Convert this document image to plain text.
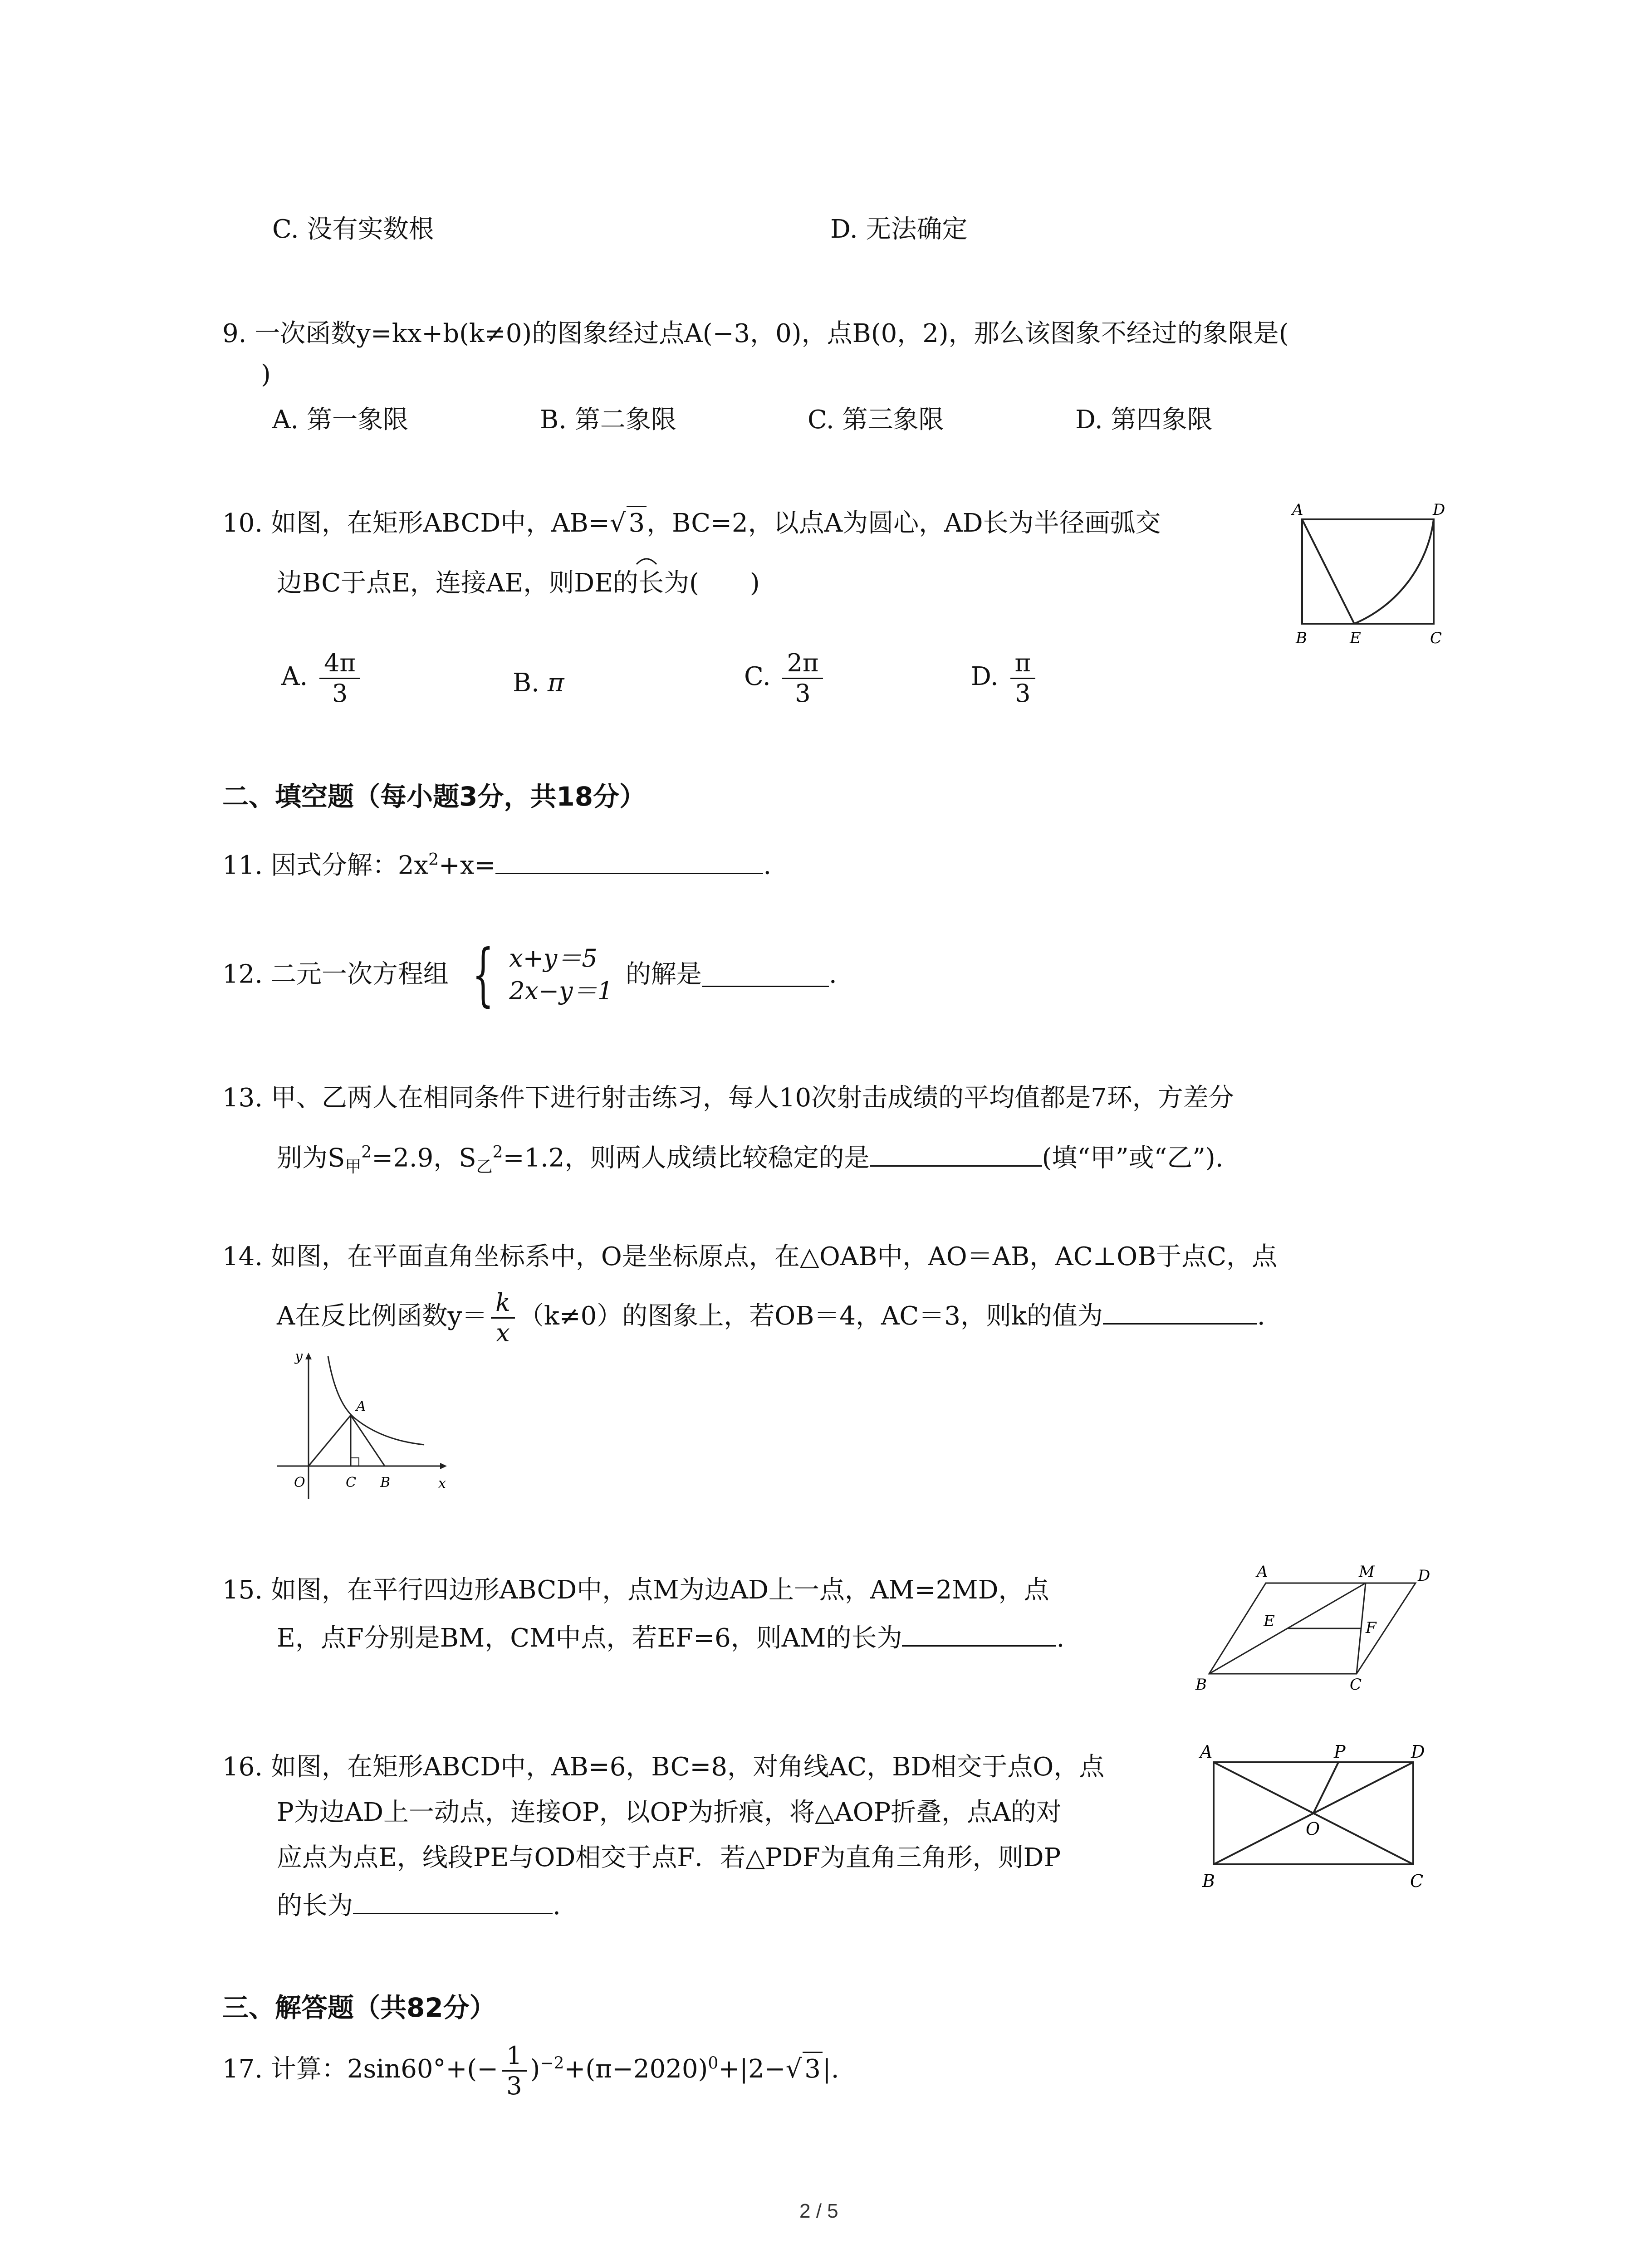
C. 没有实数根	D. 无法确定
9. 一次函数y=kx+b(k≠0)的图象经过点A(−3，0)，点B(0，2)，那么该图象不经过的象限是(
)
A. 第一象限	B. 第二象限	C. 第三象限	D. 第四象限
10. 如图，在矩形ABCD中，AB=√ 3，BC=2，以点A为圆心，AD长为半径画弧交
边BC于点E，连接AE，则DE的长为(　　)
A. $\frac{4\pi}{3}$	B. π	C. $\frac{2\pi}{3}$	D. $\frac{\pi}{3}$
A	D
B	E	C
二、填空题（每小题3分，共18分）
11. 因式分解：$2x^2+x=$	.
12. 二元一次方程组 { x+y＝5
2x−y＝1
的解是	.
13. 甲、乙两人在相同条件下进行射击练习，每人10次射击成绩的平均值都是7环，方差分
别为$S_甲^2=2.9$，$S_乙^2=1.2$，则两人成绩比较稳定的是	(填“甲”或“乙”).
14. 如图，在平面直角坐标系中，O是坐标原点，在△OAB中，AO＝AB，AC⊥OB于点C，点
A在反比例函数$y= \frac{k}{x} (k\ne 0)$的图象上，若OB＝4，AC＝3，则k的值为	.
y
x
O	C B
A
15. 如图，在平行四边形ABCD中，点M为边AD上一点，AM=2MD，点
E，点F分别是BM，CM中点，若EF=6，则AM的长为	.
A	M	D
E	F
B	C
16. 如图，在矩形ABCD中，AB=6，BC=8，对角线AC，BD相交于点O，点
P为边AD上一动点，连接OP，以OP为折痕，将△AOP折叠，点A的对
应点为点E，线段PE与OD相交于点F．若△PDF为直角三角形，则DP
的长为	.
A	P	D
O
B	C
三、解答题（共82分）
17. 计算：$2\sin 60^\circ+(- \frac{1}{3} )^{-2}+(\pi-2020)^0+|2-√$ 3|.
2 / 5
